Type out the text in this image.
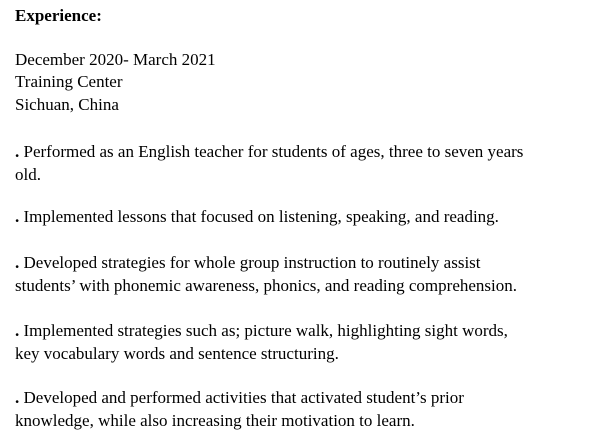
Experience:
December 2020- March 2021
Training Center
Sichuan, China
. Performed as an English teacher for students of ages, three to seven years
old.
. Implemented lessons that focused on listening, speaking, and reading.
. Developed strategies for whole group instruction to routinely assist
students’ with phonemic awareness, phonics, and reading comprehension.
. Implemented strategies such as; picture walk, highlighting sight words,
key vocabulary words and sentence structuring.
. Developed and performed activities that activated student’s prior
knowledge, while also increasing their motivation to learn.
